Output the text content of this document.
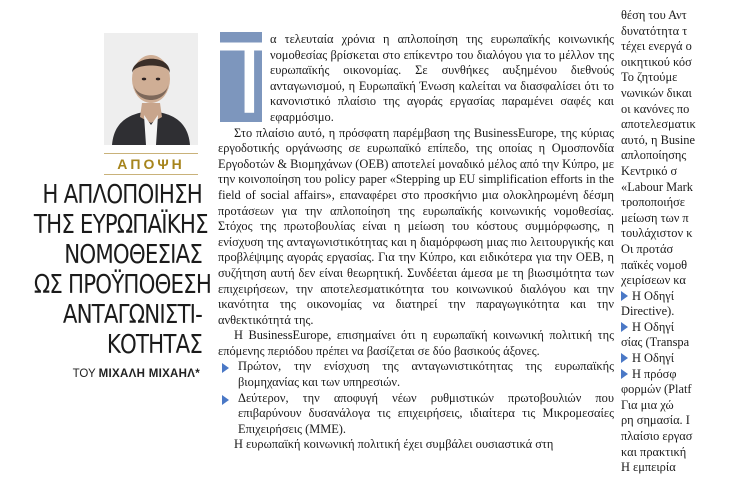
ΑΠΟΨΗ
Η ΑΠΛΟΠΟΙΗΣΗ
ΤΗΣ ΕΥΡΩΠΑΪΚΗΣ
ΝΟΜΟΘΕΣΙΑΣ
ΩΣ ΠΡΟΫΠΟΘΕΣΗ
ΑΝΤΑΓΩΝΙΣΤΙ-
ΚΟΤΗΤΑΣ
ΤΟΥ ΜΙΧΑΛΗ ΜΙΧΑΗΛ*
Τ

α τελευταία χρόνια η απλοποίηση της ευρωπαϊκής κοινωνικής νομοθεσίας βρίσκεται στο επίκεντρο του διαλόγου για το μέλλον της ευρωπαϊκής οικονομίας. Σε συνθήκες αυξημένου διεθνούς ανταγωνισμού, η Ευρωπαϊκή Ένωση καλείται να διασφαλίσει ότι το κανονιστικό πλαίσιο της αγοράς εργασίας παραμένει σαφές και εφαρμόσιμο.

Στο πλαίσιο αυτό, η πρόσφατη παρέμβαση της BusinessEurope, της κύριας εργοδοτικής οργάνωσης σε ευρωπαϊκό επίπεδο, της οποίας η Ομοσπονδία Εργοδοτών & Βιομηχάνων (ΟΕΒ) αποτελεί μοναδικό μέλος από την Κύπρο, με την κοινοποίηση του policy paper «Stepping up EU simplification efforts in the field of social affairs», επαναφέρει στο προσκήνιο μια ολοκληρωμένη δέσμη προτάσεων για την απλοποίηση της ευρωπαϊκής κοινωνικής νομοθεσίας. Στόχος της πρωτοβουλίας είναι η μείωση του κόστους συμμόρφωσης, η ενίσχυση της ανταγωνιστικότητας και η διαμόρφωση μιας πιο λειτουργικής και προβλέψιμης αγοράς εργασίας. Για την Κύπρο, και ειδικότερα για την ΟΕΒ, η συζήτηση αυτή δεν είναι θεωρητική. Συνδέεται άμεσα με τη βιωσιμότητα των επιχειρήσεων, την αποτελεσματικότητα του κοινωνικού διαλόγου και την ικανότητα της οικονομίας να διατηρεί την παραγωγικότητα και την ανθεκτικότητά της.

Η BusinessEurope, επισημαίνει ότι η ευρωπαϊκή κοινωνική πολιτική της επόμενης περιόδου πρέπει να βασίζεται σε δύο βασικούς άξονες.

Πρώτον, την ενίσχυση της ανταγωνιστικότητας της ευρωπαϊκής βιομηχανίας και των υπηρεσιών.

Δεύτερον, την αποφυγή νέων ρυθμιστικών πρωτοβουλιών που επιβαρύνουν δυσανάλογα τις επιχειρήσεις, ιδιαίτερα τις Μικρομεσαίες Επιχειρήσεις (ΜΜΕ).

Η ευρωπαϊκή κοινωνική πολιτική έχει συμβάλει ουσιαστικά στη

θέση του Αντ
δυνατότητα τ
τέχει ενεργά ο
οικητικού κόσ
Το ζητούμε
νωνικών δικαι
οι κανόνες πο
αποτελεσματικ
αυτό, η Busine
απλοποίησης
Κεντρικό σ
«Labour Mark
τροποποιήσε
μείωση των π
τουλάχιστον κ
Οι προτάσ
παϊκές νομοθ
χειρίσεων κα
Η Οδηγί
Directive).
Η Οδηγί
σίας (Transpa
Η Οδηγί
Η πρόσφ
φορμών (Platf
Για μια χώ
ρη σημασία. Ι
πλαίσιο εργασ
και πρακτική
Η εμπειρία
